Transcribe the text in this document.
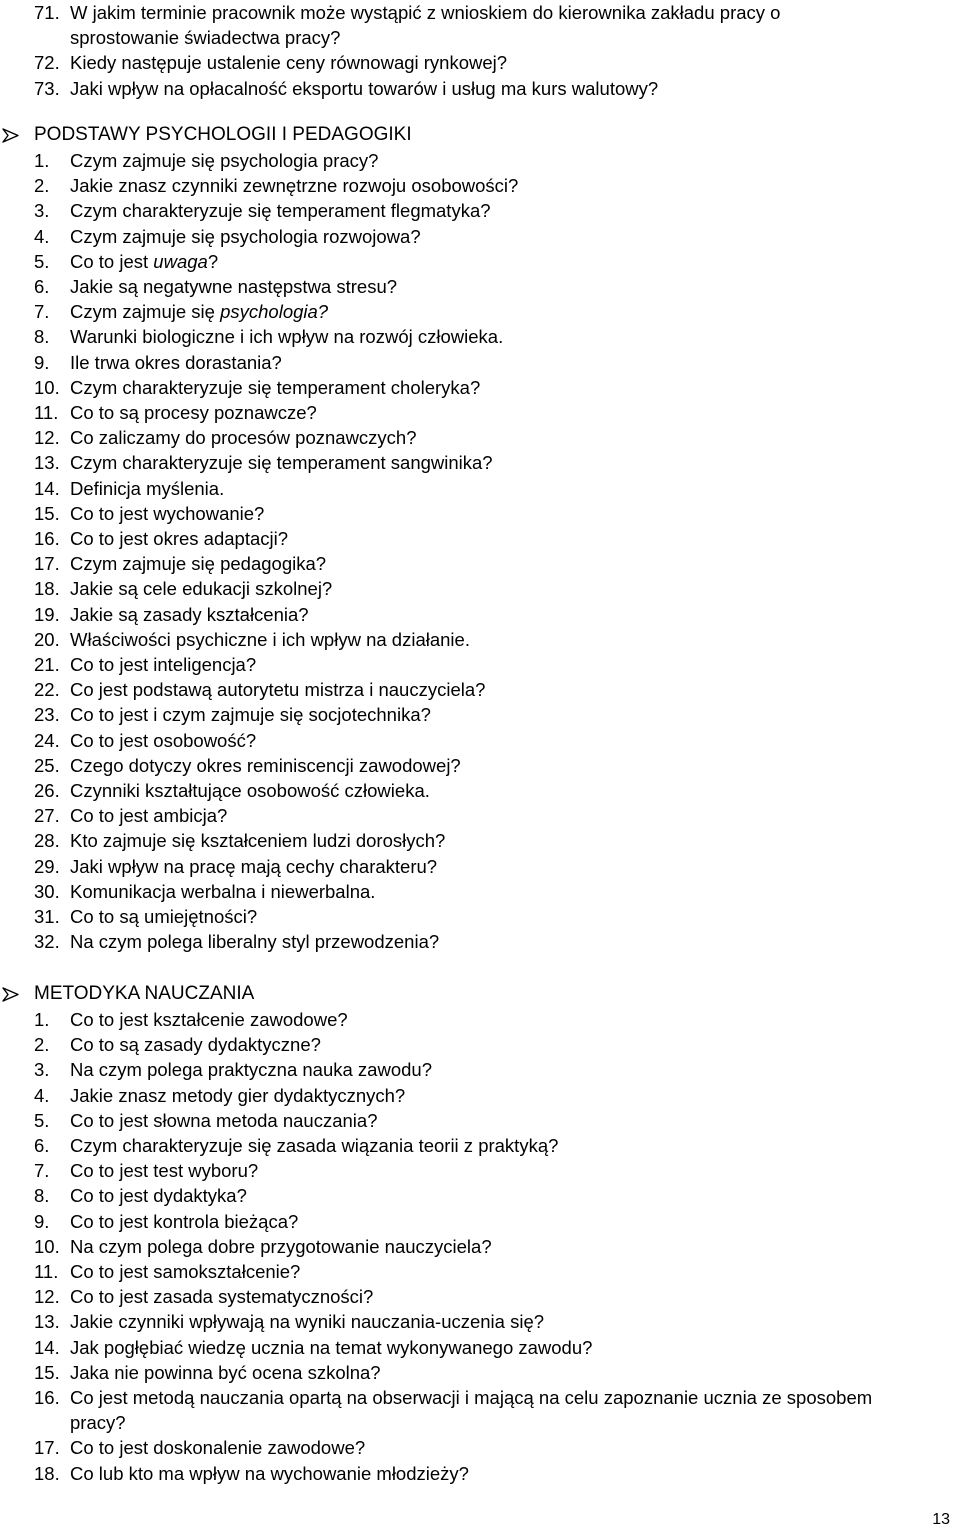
71. W jakim terminie pracownik może wystąpić z wnioskiem do kierownika zakładu pracy o sprostowanie świadectwa pracy?
72. Kiedy następuje ustalenie ceny równowagi rynkowej?
73. Jaki wpływ na opłacalność eksportu towarów i usług ma kurs walutowy?
PODSTAWY PSYCHOLOGII I PEDAGOGIKI
1. Czym zajmuje się psychologia pracy?
2. Jakie znasz czynniki zewnętrzne rozwoju osobowości?
3. Czym charakteryzuje się temperament flegmatyka?
4. Czym zajmuje się psychologia rozwojowa?
5. Co to jest uwaga?
6. Jakie są negatywne następstwa stresu?
7. Czym zajmuje się psychologia?
8. Warunki biologiczne i ich wpływ na rozwój człowieka.
9. Ile trwa okres dorastania?
10. Czym charakteryzuje się temperament choleryka?
11. Co to są procesy poznawcze?
12. Co zaliczamy do procesów poznawczych?
13. Czym charakteryzuje się temperament sangwinika?
14. Definicja myślenia.
15. Co to jest wychowanie?
16. Co to jest okres adaptacji?
17. Czym zajmuje się pedagogika?
18. Jakie są cele edukacji szkolnej?
19. Jakie są zasady kształcenia?
20. Właściwości psychiczne i ich wpływ na działanie.
21. Co to jest inteligencja?
22. Co jest podstawą autorytetu mistrza i nauczyciela?
23. Co to jest i czym zajmuje się socjotechnika?
24. Co to jest osobowość?
25. Czego dotyczy okres reminiscencji zawodowej?
26. Czynniki kształtujące osobowość człowieka.
27. Co to jest ambicja?
28. Kto zajmuje się kształceniem ludzi dorosłych?
29. Jaki wpływ na pracę mają cechy charakteru?
30. Komunikacja werbalna i niewerbalna.
31. Co to są umiejętności?
32. Na czym polega liberalny styl przewodzenia?
METODYKA NAUCZANIA
1. Co to jest kształcenie zawodowe?
2. Co to są zasady dydaktyczne?
3. Na czym polega praktyczna nauka zawodu?
4. Jakie znasz metody gier dydaktycznych?
5. Co to jest słowna metoda nauczania?
6. Czym charakteryzuje się zasada wiązania teorii z praktyką?
7. Co to jest test wyboru?
8. Co to jest dydaktyka?
9. Co to jest kontrola bieżąca?
10. Na czym polega dobre przygotowanie nauczyciela?
11. Co to jest samokształcenie?
12. Co to jest zasada systematyczności?
13. Jakie czynniki wpływają na wyniki nauczania-uczenia się?
14. Jak pogłębiać wiedzę ucznia na temat wykonywanego zawodu?
15. Jaka nie powinna być ocena szkolna?
16. Co jest metodą nauczania opartą na obserwacji i mającą na celu zapoznanie ucznia ze sposobem pracy?
17. Co to jest doskonalenie zawodowe?
18. Co lub kto ma wpływ na wychowanie młodzieży?
13
